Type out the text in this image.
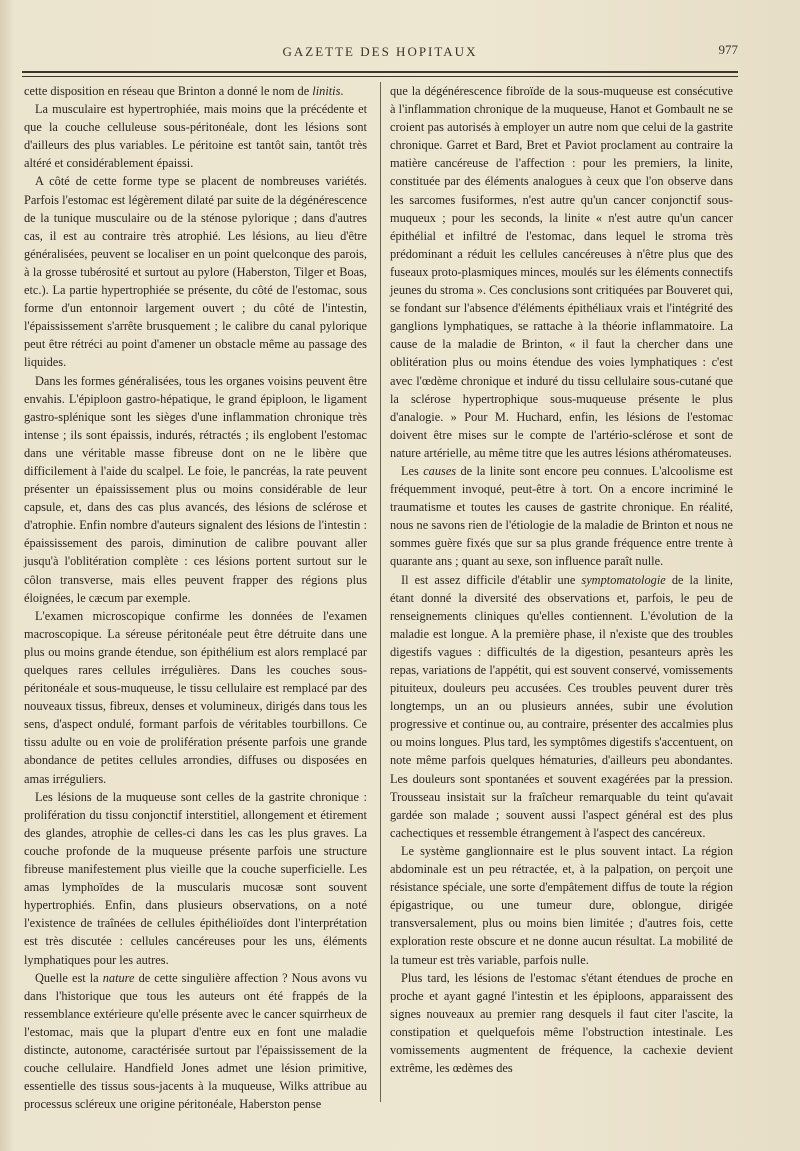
GAZETTE DES HOPITAUX	977

cette disposition en réseau que Brinton a donné le nom de linitis.

La musculaire est hypertrophiée, mais moins que la précédente et que la couche celluleuse sous-péritonéale, dont les lésions sont d'ailleurs des plus variables. Le péritoine est tantôt sain, tantôt très altéré et considérablement épaissi.

A côté de cette forme type se placent de nombreuses variétés. Parfois l'estomac est légèrement dilaté par suite de la dégénérescence de la tunique musculaire ou de la sténose pylorique ; dans d'autres cas, il est au contraire très atrophié. Les lésions, au lieu d'être généralisées, peuvent se localiser en un point quelconque des parois, à la grosse tubérosité et surtout au pylore (Haberston, Tilger et Boas, etc.). La partie hypertrophiée se présente, du côté de l'estomac, sous forme d'un entonnoir largement ouvert ; du côté de l'intestin, l'épaississement s'arrête brusquement ; le calibre du canal pylorique peut être rétréci au point d'amener un obstacle même au passage des liquides.

Dans les formes généralisées, tous les organes voisins peuvent être envahis. L'épiploon gastro-hépatique, le grand épiploon, le ligament gastro-splénique sont les sièges d'une inflammation chronique très intense ; ils sont épaissis, indurés, rétractés ; ils englobent l'estomac dans une véritable masse fibreuse dont on ne le libère que difficilement à l'aide du scalpel. Le foie, le pancréas, la rate peuvent présenter un épaississement plus ou moins considérable de leur capsule, et, dans des cas plus avancés, des lésions de sclérose et d'atrophie. Enfin nombre d'auteurs signalent des lésions de l'intestin : épaississement des parois, diminution de calibre pouvant aller jusqu'à l'oblitération complète : ces lésions portent surtout sur le côlon transverse, mais elles peuvent frapper des régions plus éloignées, le cæcum par exemple.

L'examen microscopique confirme les données de l'examen macroscopique. La séreuse péritonéale peut être détruite dans une plus ou moins grande étendue, son épithélium est alors remplacé par quelques rares cellules irrégulières. Dans les couches sous-péritonéale et sous-muqueuse, le tissu cellulaire est remplacé par des nouveaux tissus, fibreux, denses et volumineux, dirigés dans tous les sens, d'aspect ondulé, formant parfois de véritables tourbillons. Ce tissu adulte ou en voie de prolifération présente parfois une grande abondance de petites cellules arrondies, diffuses ou disposées en amas irréguliers.

Les lésions de la muqueuse sont celles de la gastrite chronique : prolifération du tissu conjonctif interstitiel, allongement et étirement des glandes, atrophie de celles-ci dans les cas les plus graves. La couche profonde de la muqueuse présente parfois une structure fibreuse manifestement plus vieille que la couche superficielle. Les amas lymphoïdes de la muscularis mucosæ sont souvent hypertrophiés. Enfin, dans plusieurs observations, on a noté l'existence de traînées de cellules épithélioïdes dont l'interprétation est très discutée : cellules cancéreuses pour les uns, éléments lymphatiques pour les autres.

Quelle est la nature de cette singulière affection ? Nous avons vu dans l'historique que tous les auteurs ont été frappés de la ressemblance extérieure qu'elle présente avec le cancer squirrheux de l'estomac, mais que la plupart d'entre eux en font une maladie distincte, autonome, caractérisée surtout par l'épaississement de la couche cellulaire. Handfield Jones admet une lésion primitive, essentielle des tissus sous-jacents à la muqueuse, Wilks attribue au processus scléreux une origine péritonéale, Haberston pense

que la dégénérescence fibroïde de la sous-muqueuse est consécutive à l'inflammation chronique de la muqueuse, Hanot et Gombault ne se croient pas autorisés à employer un autre nom que celui de la gastrite chronique. Garret et Bard, Bret et Paviot proclament au contraire la matière cancéreuse de l'affection : pour les premiers, la linite, constituée par des éléments analogues à ceux que l'on observe dans les sarcomes fusiformes, n'est autre qu'un cancer conjonctif sous-muqueux ; pour les seconds, la linite « n'est autre qu'un cancer épithélial et infiltré de l'estomac, dans lequel le stroma très prédominant a réduit les cellules cancéreuses à n'être plus que des fuseaux proto-plasmiques minces, moulés sur les éléments connectifs jeunes du stroma ». Ces conclusions sont critiquées par Bouveret qui, se fondant sur l'absence d'éléments épithéliaux vrais et l'intégrité des ganglions lymphatiques, se rattache à la théorie inflammatoire. La cause de la maladie de Brinton, « il faut la chercher dans une oblitération plus ou moins étendue des voies lymphatiques : c'est avec l'œdème chronique et induré du tissu cellulaire sous-cutané que la sclérose hypertrophique sous-muqueuse présente le plus d'analogie. » Pour M. Huchard, enfin, les lésions de l'estomac doivent être mises sur le compte de l'artério-sclérose et sont de nature artérielle, au même titre que les autres lésions athéromateuses.

Les causes de la linite sont encore peu connues. L'alcoolisme est fréquemment invoqué, peut-être à tort. On a encore incriminé le traumatisme et toutes les causes de gastrite chronique. En réalité, nous ne savons rien de l'étiologie de la maladie de Brinton et nous ne sommes guère fixés que sur sa plus grande fréquence entre trente à quarante ans ; quant au sexe, son influence paraît nulle.

Il est assez difficile d'établir une symptomatologie de la linite, étant donné la diversité des observations et, parfois, le peu de renseignements cliniques qu'elles contiennent. L'évolution de la maladie est longue. A la première phase, il n'existe que des troubles digestifs vagues : difficultés de la digestion, pesanteurs après les repas, variations de l'appétit, qui est souvent conservé, vomissements pituiteux, douleurs peu accusées. Ces troubles peuvent durer très longtemps, un an ou plusieurs années, subir une évolution progressive et continue ou, au contraire, présenter des accalmies plus ou moins longues. Plus tard, les symptômes digestifs s'accentuent, on note même parfois quelques hématuries, d'ailleurs peu abondantes. Les douleurs sont spontanées et souvent exagérées par la pression. Trousseau insistait sur la fraîcheur remarquable du teint qu'avait gardée son malade ; souvent aussi l'aspect général est des plus cachectiques et ressemble étrangement à l'aspect des cancéreux.

Le système ganglionnaire est le plus souvent intact. La région abdominale est un peu rétractée, et, à la palpation, on perçoit une résistance spéciale, une sorte d'empâtement diffus de toute la région épigastrique, ou une tumeur dure, oblongue, dirigée transversalement, plus ou moins bien limitée ; d'autres fois, cette exploration reste obscure et ne donne aucun résultat. La mobilité de la tumeur est très variable, parfois nulle.

Plus tard, les lésions de l'estomac s'étant étendues de proche en proche et ayant gagné l'intestin et les épiploons, apparaissent des signes nouveaux au premier rang desquels il faut citer l'ascite, la constipation et quelquefois même l'obstruction intestinale. Les vomissements augmentent de fréquence, la cachexie devient extrême, les œdèmes des
